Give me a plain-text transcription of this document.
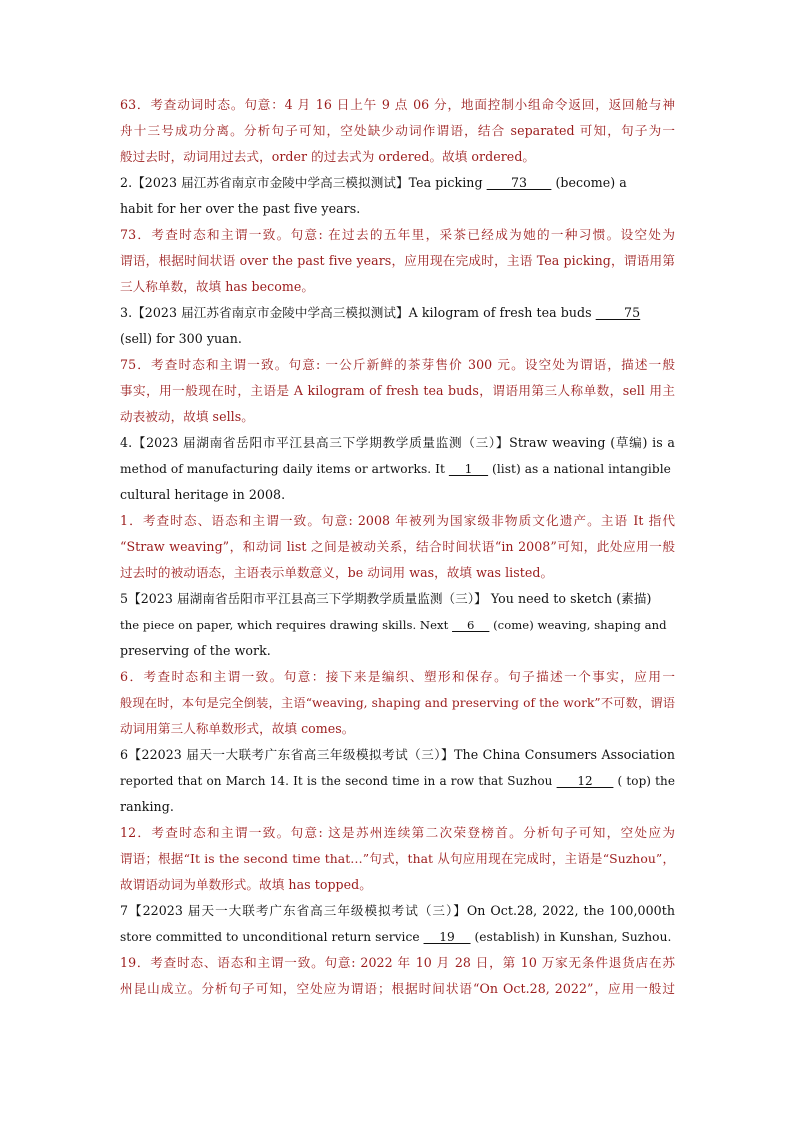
63．考查动词时态。句意：4 月 16 日上午 9 点 06 分，地面控制小组命令返回，返回舱与神
舟十三号成功分离。分析句子可知，空处缺少动词作谓语，结合 separated 可知，句子为一
般过去时，动词用过去式，order 的过去式为 ordered。故填 ordered。
2.【2023 届江苏省南京市金陵中学高三模拟测试】Tea picking       73       (become) a
habit for her over the past five years.
73．考查时态和主谓一致。句意: 在过去的五年里，采茶已经成为她的一种习惯。设空处为
谓语，根据时间状语 over the past five years，应用现在完成时，主语 Tea picking，谓语用第
三人称单数，故填 has become。
3.【2023 届江苏省南京市金陵中学高三模拟测试】A kilogram of fresh tea buds        75
(sell) for 300 yuan.
75．考查时态和主谓一致。句意: 一公斤新鲜的茶芽售价 300 元。设空处为谓语，描述一般
事实，用一般现在时，主语是 A kilogram of fresh tea buds，谓语用第三人称单数，sell 用主
动表被动，故填 sells。
4.【2023 届湖南省岳阳市平江县高三下学期教学质量监测（三）】Straw weaving (草编) is a
method of manufacturing daily items or artworks. It     1     (list) as a national intangible
cultural heritage in 2008.
1．考查时态、语态和主谓一致。句意: 2008 年被列为国家级非物质文化遗产。主语 It 指代
“Straw weaving”，和动词 list 之间是被动关系，结合时间状语“in 2008”可知，此处应用一般
过去时的被动语态，主语表示单数意义，be 动词用 was，故填 was listed。
5【2023 届湖南省岳阳市平江县高三下学期教学质量监测（三）】 You need to sketch (素描)
the piece on paper, which requires drawing skills. Next     6     (come) weaving, shaping and
preserving of the work.
6．考查时态和主谓一致。句意：接下来是编织、塑形和保存。句子描述一个事实，应用一
般现在时，本句是完全倒装，主语“weaving, shaping and preserving of the work”不可数，谓语
动词用第三人称单数形式，故填 comes。
6【22023 届天一大联考广东省高三年级模拟考试（三）】The China Consumers Association
reported that on March 14. It is the second time in a row that Suzhou      12      ( top) the
ranking.
12．考查时态和主谓一致。句意: 这是苏州连续第二次荣登榜首。分析句子可知，空处应为
谓语；根据“It is the second time that…”句式，that 从句应用现在完成时，主语是“Suzhou”，
故谓语动词为单数形式。故填 has topped。
7【22023 届天一大联考广东省高三年级模拟考试（三）】On Oct.28, 2022, the 100,000th
store committed to unconditional return service     19     (establish) in Kunshan, Suzhou.
19．考查时态、语态和主谓一致。句意: 2022 年 10 月 28 日，第 10 万家无条件退货店在苏
州昆山成立。分析句子可知，空处应为谓语；根据时间状语“On Oct.28, 2022”，应用一般过
